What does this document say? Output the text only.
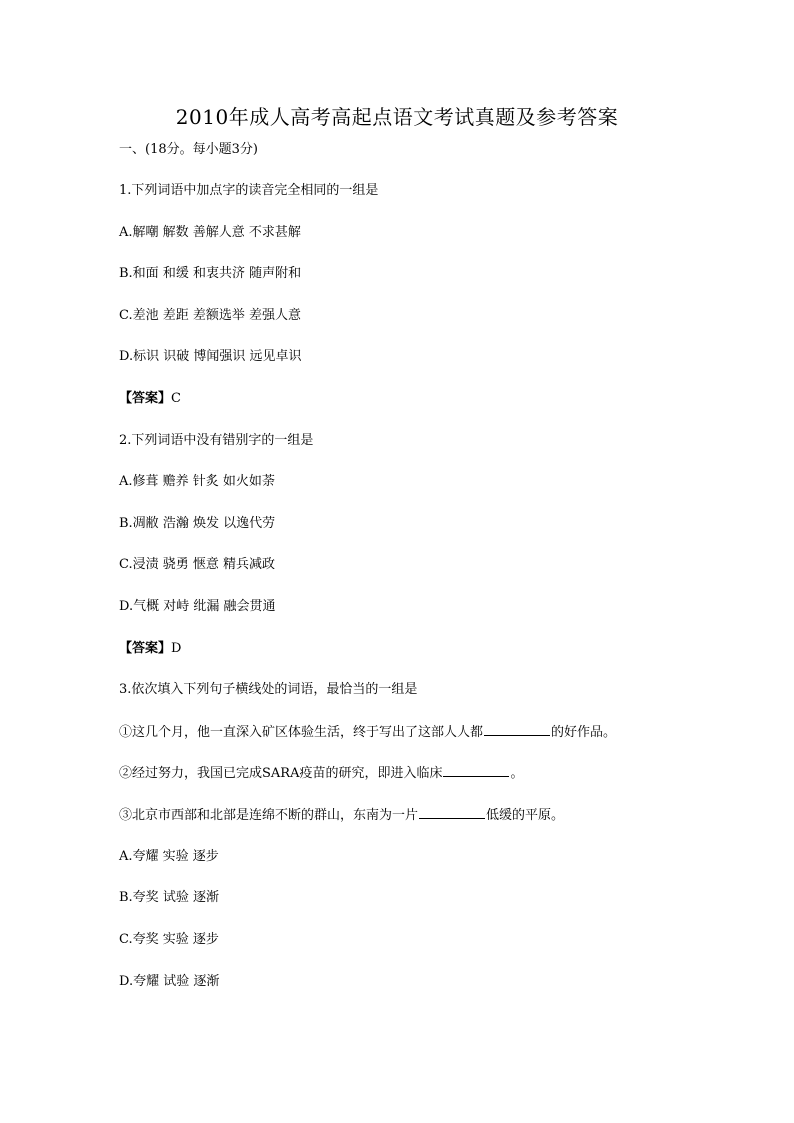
2010年成人高考高起点语文考试真题及参考答案
一、(18分。每小题3分)
1.下列词语中加点字的读音完全相同的一组是
A.解嘲 解数 善解人意 不求甚解
B.和面 和缓 和衷共济 随声附和
C.差池 差距 差额选举 差强人意
D.标识 识破 博闻强识 远见卓识
【答案】C
2.下列词语中没有错别字的一组是
A.修葺 赡养 针炙 如火如荼
B.凋敝 浩瀚 焕发 以逸代劳
C.浸渍 骁勇 惬意 精兵减政
D.气概 对峙 纰漏 融会贯通
【答案】D
3.依次填入下列句子横线处的词语，最恰当的一组是
①这几个月，他一直深入矿区体验生活，终于写出了这部人人都	的好作品。
②经过努力，我国已完成SARA疫苗的研究，即进入临床	。
③北京市西部和北部是连绵不断的群山，东南为一片	低缓的平原。
A.夸耀 实验 逐步
B.夸奖 试验 逐渐
C.夸奖 实验 逐步
D.夸耀 试验 逐渐
